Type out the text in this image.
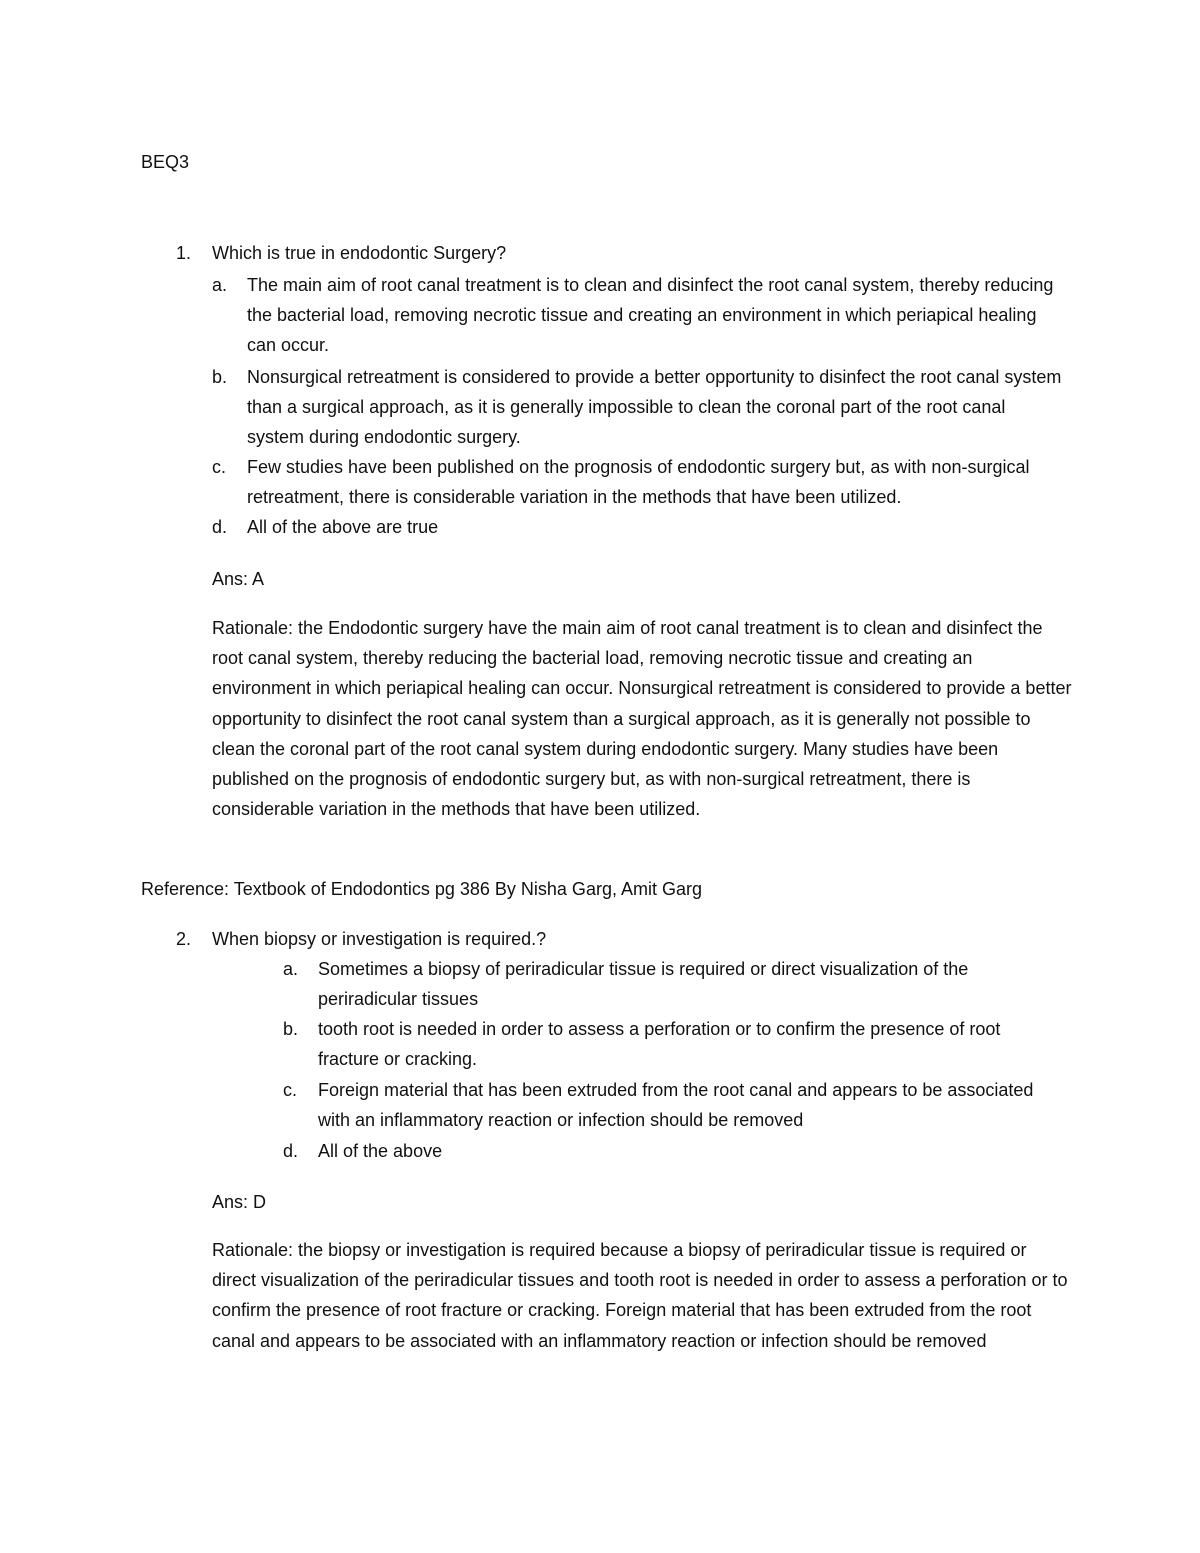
BEQ3
1. Which is true in endodontic Surgery?
a. The main aim of root canal treatment is to clean and disinfect the root canal system, thereby reducing the bacterial load, removing necrotic tissue and creating an environment in which periapical healing can occur.
b. Nonsurgical retreatment is considered to provide a better opportunity to disinfect the root canal system than a surgical approach, as it is generally impossible to clean the coronal part of the root canal system during endodontic surgery.
c. Few studies have been published on the prognosis of endodontic surgery but, as with non-surgical retreatment, there is considerable variation in the methods that have been utilized.
d. All of the above are true
Ans: A
Rationale: the Endodontic surgery have the main aim of root canal treatment is to clean and disinfect the root canal system, thereby reducing the bacterial load, removing necrotic tissue and creating an environment in which periapical healing can occur. Nonsurgical retreatment is considered to provide a better opportunity to disinfect the root canal system than a surgical approach, as it is generally not possible to clean the coronal part of the root canal system during endodontic surgery. Many studies have been published on the prognosis of endodontic surgery but, as with non-surgical retreatment, there is considerable variation in the methods that have been utilized.
Reference: Textbook of Endodontics pg 386 By Nisha Garg, Amit Garg
2. When biopsy or investigation is required.?
a. Sometimes a biopsy of periradicular tissue is required or direct visualization of the periradicular tissues
b. tooth root is needed in order to assess a perforation or to confirm the presence of root fracture or cracking.
c. Foreign material that has been extruded from the root canal and appears to be associated with an inflammatory reaction or infection should be removed
d. All of the above
Ans: D
Rationale: the biopsy or investigation is required because a biopsy of periradicular tissue is required or direct visualization of the periradicular tissues and tooth root is needed in order to assess a perforation or to confirm the presence of root fracture or cracking. Foreign material that has been extruded from the root canal and appears to be associated with an inflammatory reaction or infection should be removed
